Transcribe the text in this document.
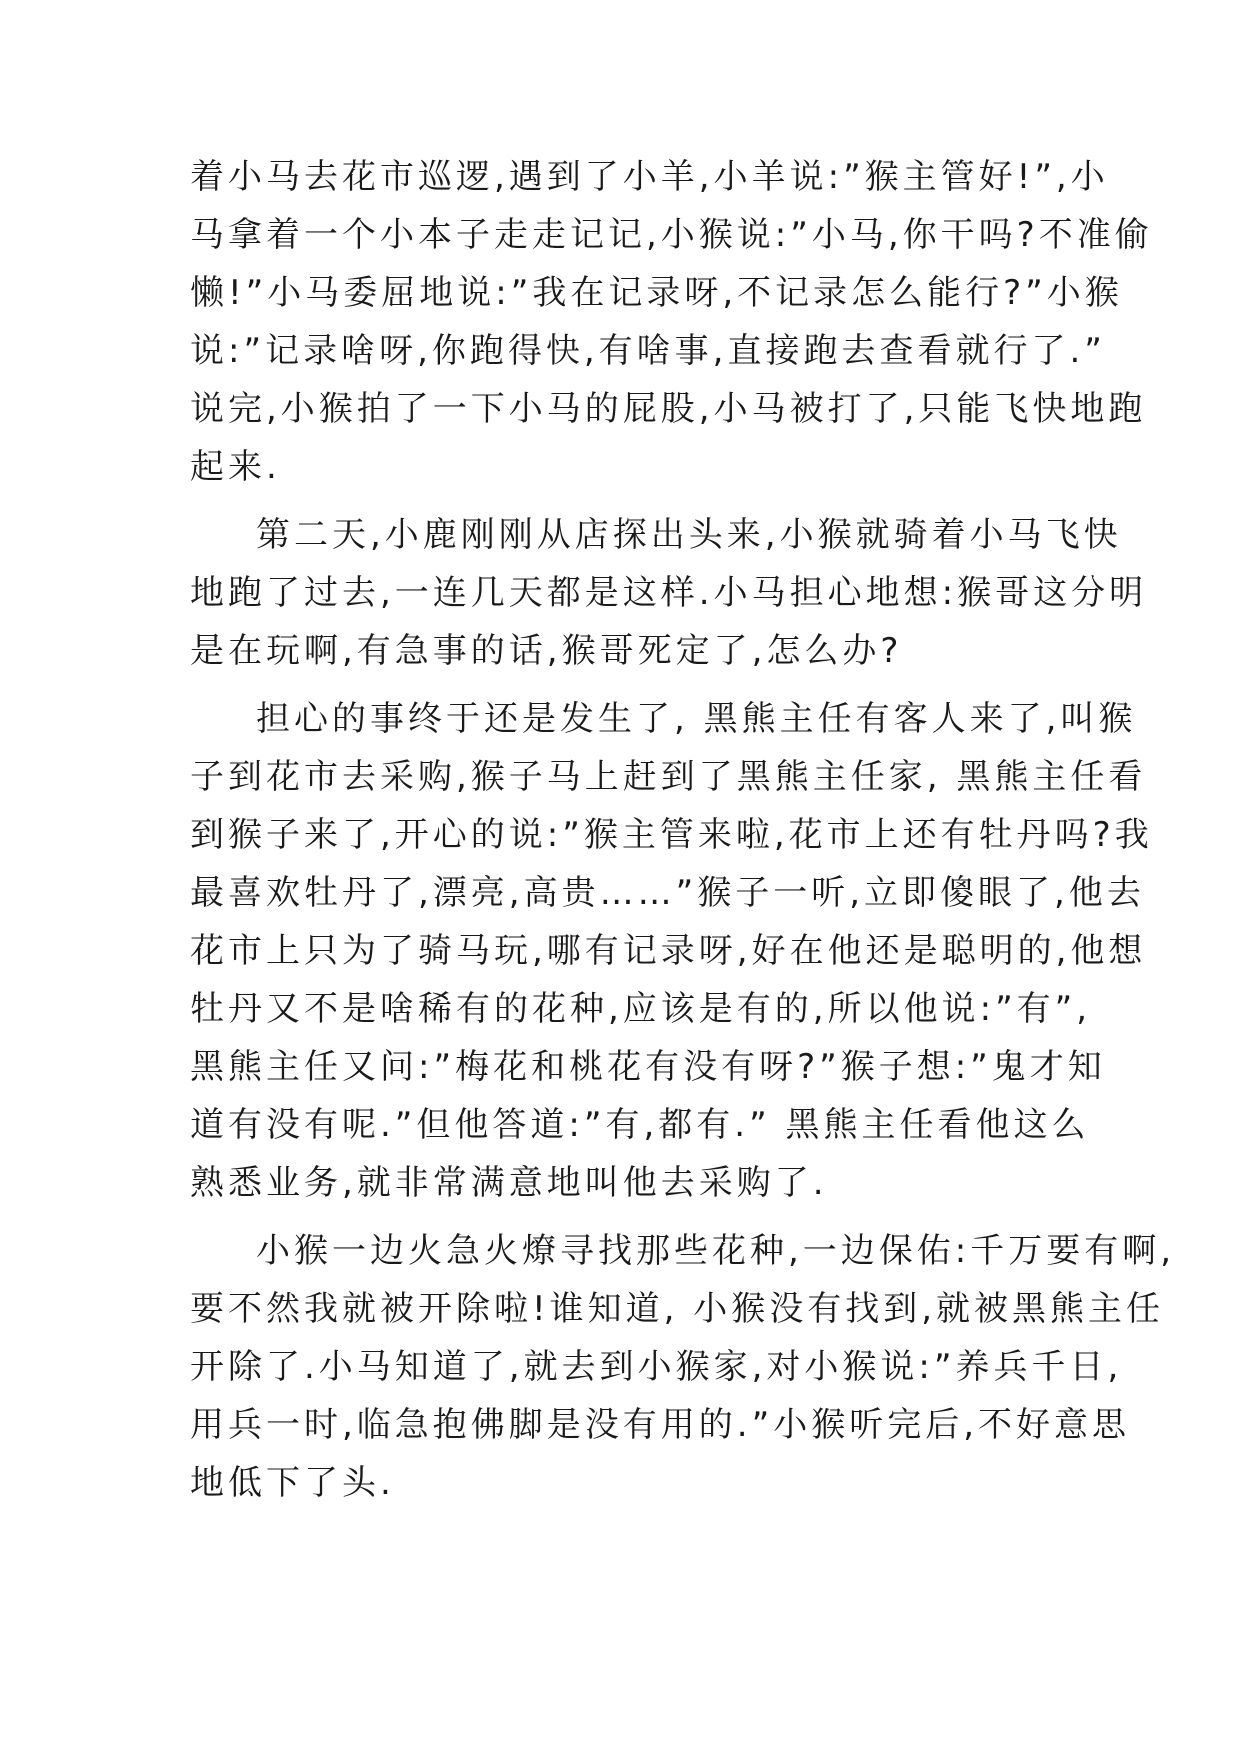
着小马去花市巡逻,遇到了小羊,小羊说:”猴主管好!”,小
马拿着一个小本子走走记记,小猴说:”小马,你干吗?不准偷
懒!”小马委屈地说:”我在记录呀,不记录怎么能行?”小猴
说:”记录啥呀,你跑得快,有啥事,直接跑去查看就行了.”
说完,小猴拍了一下小马的屁股,小马被打了,只能飞快地跑
起来.
第二天,小鹿刚刚从店探出头来,小猴就骑着小马飞快
地跑了过去,一连几天都是这样.小马担心地想:猴哥这分明
是在玩啊,有急事的话,猴哥死定了,怎么办?
担心的事终于还是发生了, 黑熊主任有客人来了,叫猴
子到花市去采购,猴子马上赶到了黑熊主任家, 黑熊主任看
到猴子来了,开心的说:”猴主管来啦,花市上还有牡丹吗?我
最喜欢牡丹了,漂亮,高贵……”猴子一听,立即傻眼了,他去
花市上只为了骑马玩,哪有记录呀,好在他还是聪明的,他想
牡丹又不是啥稀有的花种,应该是有的,所以他说:”有”,
黑熊主任又问:”梅花和桃花有没有呀?”猴子想:”鬼才知
道有没有呢.”但他答道:”有,都有.” 黑熊主任看他这么
熟悉业务,就非常满意地叫他去采购了.
小猴一边火急火燎寻找那些花种,一边保佑:千万要有啊,
要不然我就被开除啦!谁知道, 小猴没有找到,就被黑熊主任
开除了.小马知道了,就去到小猴家,对小猴说:”养兵千日,
用兵一时,临急抱佛脚是没有用的.”小猴听完后,不好意思
地低下了头.
